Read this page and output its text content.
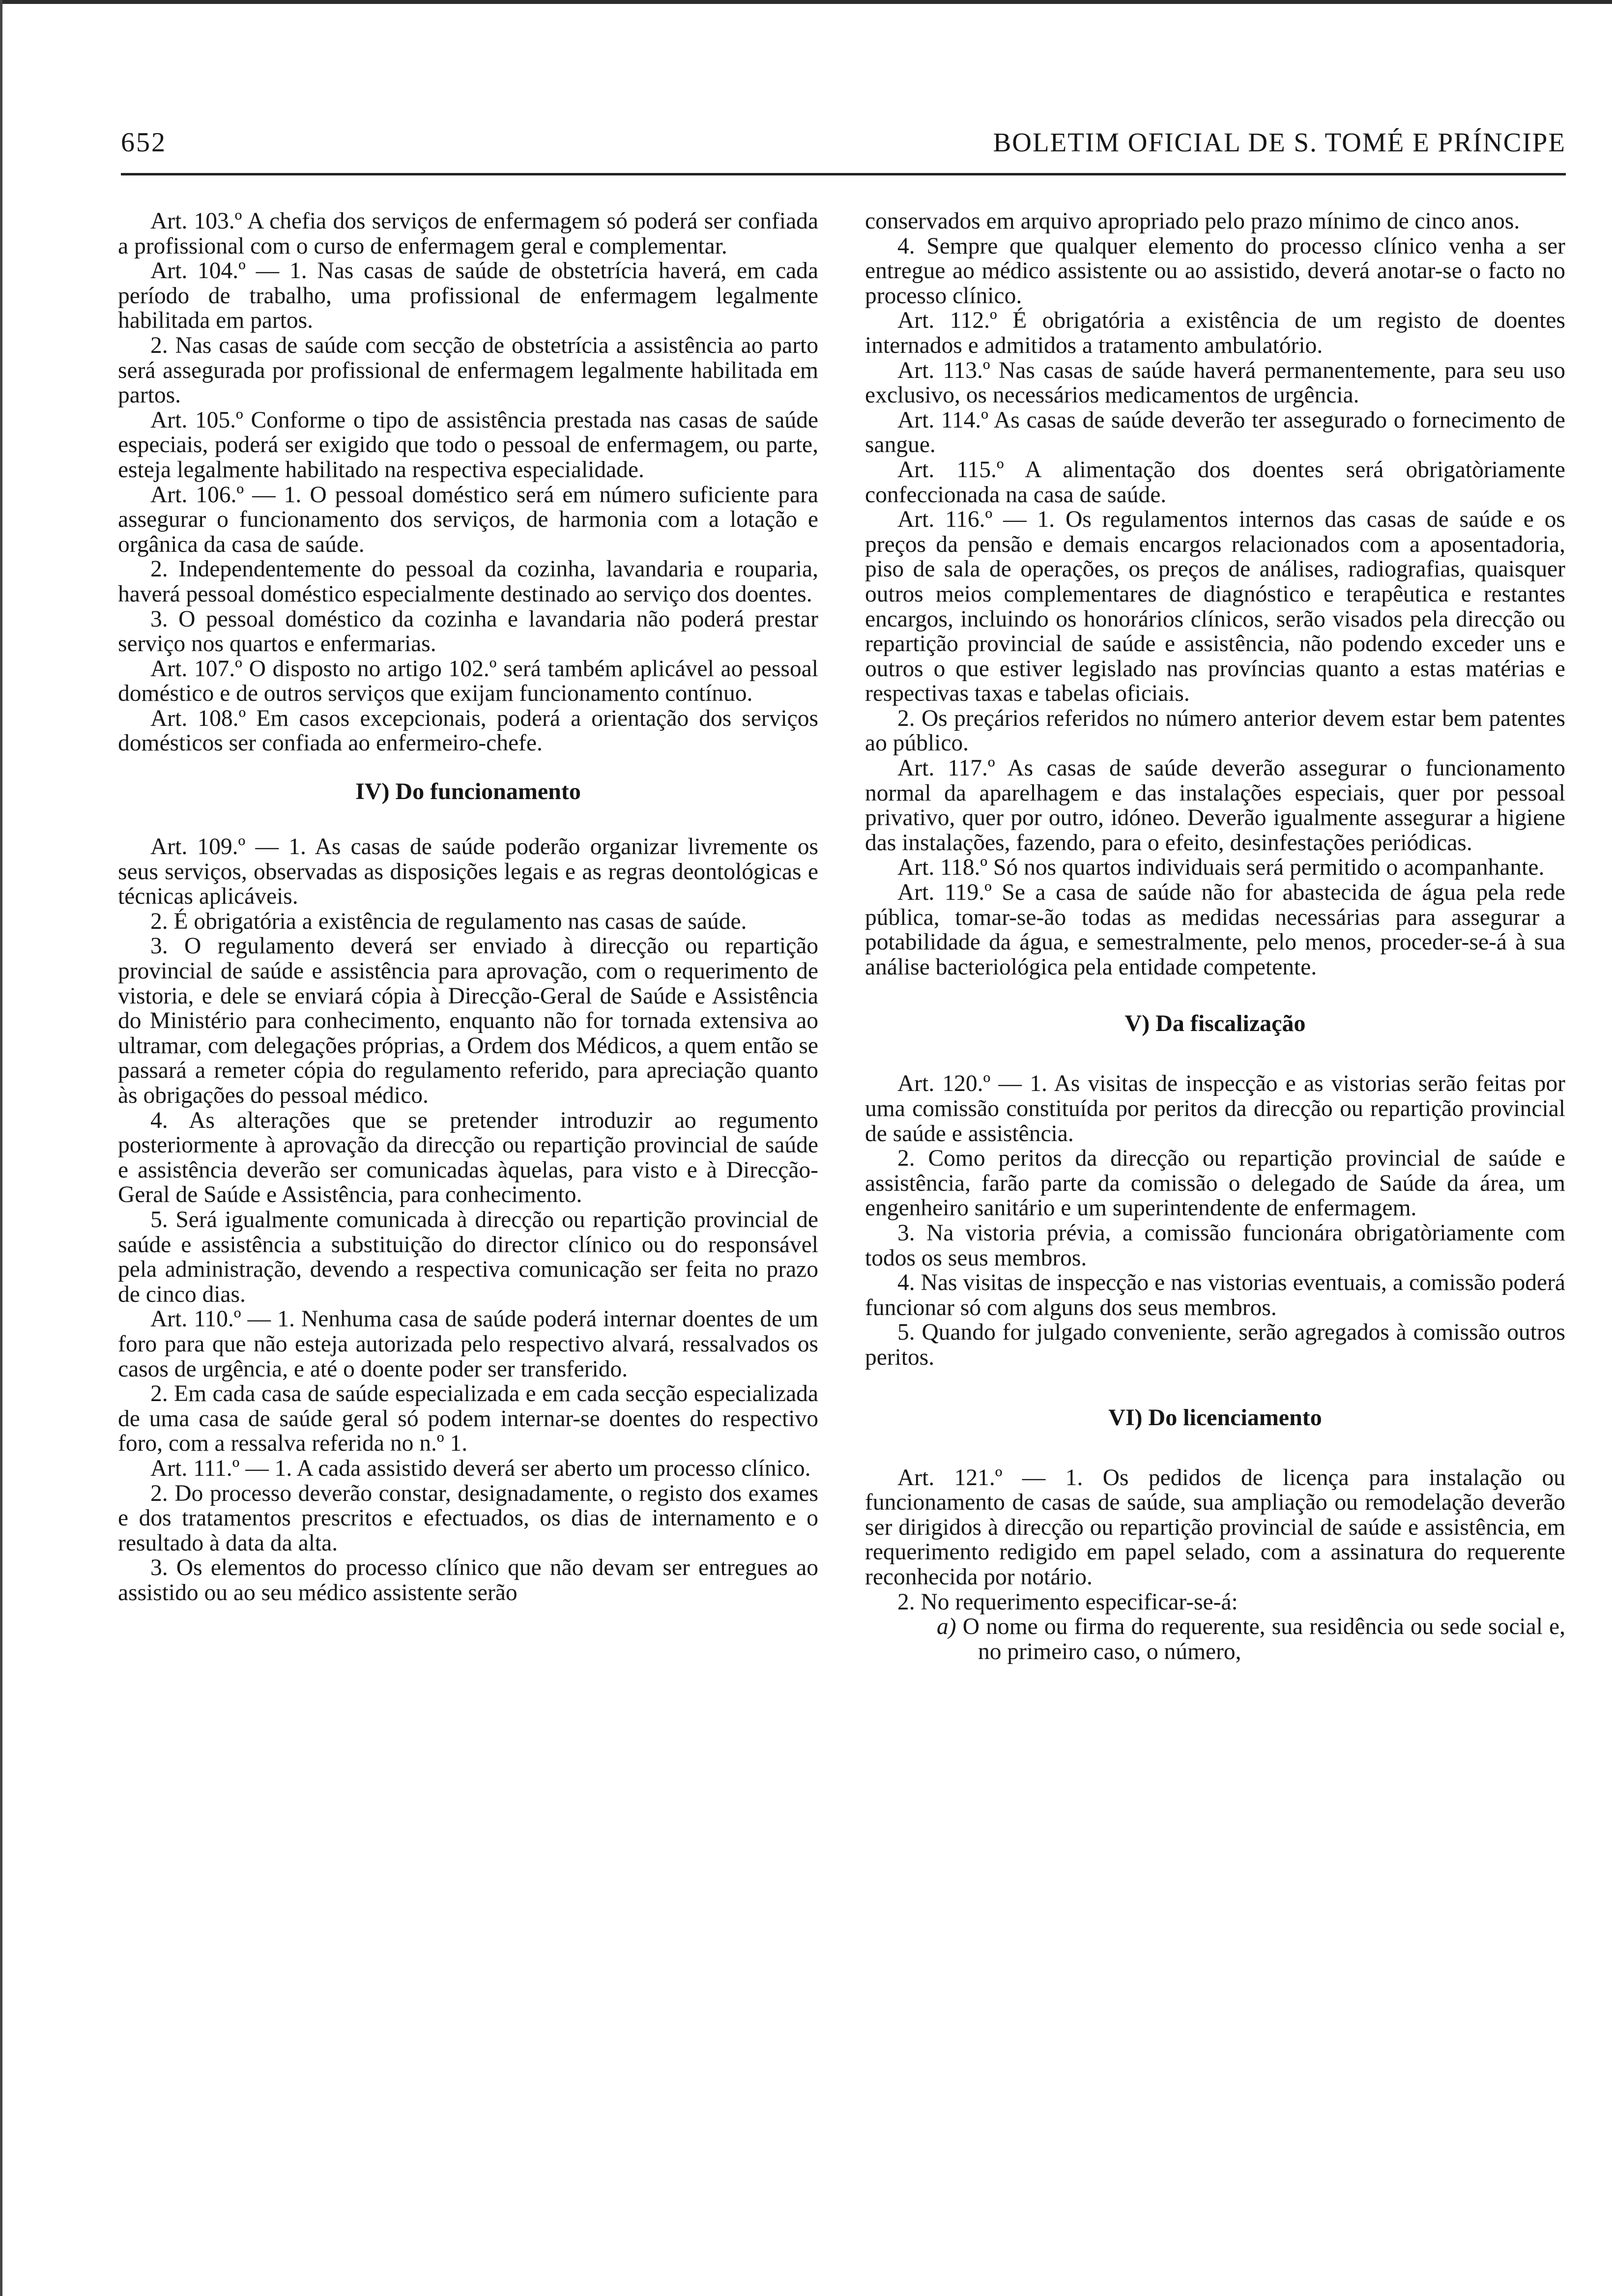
652	BOLETIM OFICIAL DE S. TOMÉ E PRÍNCIPE

Art. 103.º A chefia dos serviços de enfermagem só poderá ser confiada a profissional com o curso de enfermagem geral e complementar.

Art. 104.º — 1. Nas casas de saúde de obstetrícia haverá, em cada período de trabalho, uma profissional de enfermagem legalmente habilitada em partos.

2. Nas casas de saúde com secção de obstetrícia a assistência ao parto será assegurada por profissional de enfermagem legalmente habilitada em partos.

Art. 105.º Conforme o tipo de assistência prestada nas casas de saúde especiais, poderá ser exigido que todo o pessoal de enfermagem, ou parte, esteja legalmente habilitado na respectiva especialidade.

Art. 106.º — 1. O pessoal doméstico será em número suficiente para assegurar o funcionamento dos serviços, de harmonia com a lotação e orgânica da casa de saúde.

2. Independentemente do pessoal da cozinha, lavandaria e rouparia, haverá pessoal doméstico especialmente destinado ao serviço dos doentes.

3. O pessoal doméstico da cozinha e lavandaria não poderá prestar serviço nos quartos e enfermarias.

Art. 107.º O disposto no artigo 102.º será também aplicável ao pessoal doméstico e de outros serviços que exijam funcionamento contínuo.

Art. 108.º Em casos excepcionais, poderá a orientação dos serviços domésticos ser confiada ao enfermeiro-chefe.

IV) Do funcionamento

Art. 109.º — 1. As casas de saúde poderão organizar livremente os seus serviços, observadas as disposições legais e as regras deontológicas e técnicas aplicáveis.

2. É obrigatória a existência de regulamento nas casas de saúde.

3. O regulamento deverá ser enviado à direcção ou repartição provincial de saúde e assistência para aprovação, com o requerimento de vistoria, e dele se enviará cópia à Direcção-Geral de Saúde e Assistência do Ministério para conhecimento, enquanto não for tornada extensiva ao ultramar, com delegações próprias, a Ordem dos Médicos, a quem então se passará a remeter cópia do regulamento referido, para apreciação quanto às obrigações do pessoal médico.

4. As alterações que se pretender introduzir ao regumento posteriormente à aprovação da direcção ou repartição provincial de saúde e assistência deverão ser comunicadas àquelas, para visto e à Direcção-Geral de Saúde e Assistência, para conhecimento.

5. Será igualmente comunicada à direcção ou repartição provincial de saúde e assistência a substituição do director clínico ou do responsável pela administração, devendo a respectiva comunicação ser feita no prazo de cinco dias.

Art. 110.º — 1. Nenhuma casa de saúde poderá internar doentes de um foro para que não esteja autorizada pelo respectivo alvará, ressalvados os casos de urgência, e até o doente poder ser transferido.

2. Em cada casa de saúde especializada e em cada secção especializada de uma casa de saúde geral só podem internar-se doentes do respectivo foro, com a ressalva referida no n.º 1.

Art. 111.º — 1. A cada assistido deverá ser aberto um processo clínico.

2. Do processo deverão constar, designadamente, o registo dos exames e dos tratamentos prescritos e efectuados, os dias de internamento e o resultado à data da alta.

3. Os elementos do processo clínico que não devam ser entregues ao assistido ou ao seu médico assistente serão

conservados em arquivo apropriado pelo prazo mínimo de cinco anos.

4. Sempre que qualquer elemento do processo clínico venha a ser entregue ao médico assistente ou ao assistido, deverá anotar-se o facto no processo clínico.

Art. 112.º É obrigatória a existência de um registo de doentes internados e admitidos a tratamento ambulatório.

Art. 113.º Nas casas de saúde haverá permanentemente, para seu uso exclusivo, os necessários medicamentos de urgência.

Art. 114.º As casas de saúde deverão ter assegurado o fornecimento de sangue.

Art. 115.º A alimentação dos doentes será obrigatòriamente confeccionada na casa de saúde.

Art. 116.º — 1. Os regulamentos internos das casas de saúde e os preços da pensão e demais encargos relacionados com a aposentadoria, piso de sala de operações, os preços de análises, radiografias, quaisquer outros meios complementares de diagnóstico e terapêutica e restantes encargos, incluindo os honorários clínicos, serão visados pela direcção ou repartição provincial de saúde e assistência, não podendo exceder uns e outros o que estiver legislado nas províncias quanto a estas matérias e respectivas taxas e tabelas oficiais.

2. Os preçários referidos no número anterior devem estar bem patentes ao público.

Art. 117.º As casas de saúde deverão assegurar o funcionamento normal da aparelhagem e das instalações especiais, quer por pessoal privativo, quer por outro, idóneo. Deverão igualmente assegurar a higiene das instalações, fazendo, para o efeito, desinfestações periódicas.

Art. 118.º Só nos quartos individuais será permitido o acompanhante.

Art. 119.º Se a casa de saúde não for abastecida de água pela rede pública, tomar-se-ão todas as medidas necessárias para assegurar a potabilidade da água, e semestralmente, pelo menos, proceder-se-á à sua análise bacteriológica pela entidade competente.

V) Da fiscalização

Art. 120.º — 1. As visitas de inspecção e as vistorias serão feitas por uma comissão constituída por peritos da direcção ou repartição provincial de saúde e assistência.

2. Como peritos da direcção ou repartição provincial de saúde e assistência, farão parte da comissão o delegado de Saúde da área, um engenheiro sanitário e um superintendente de enfermagem.

3. Na vistoria prévia, a comissão funcionára obrigatòriamente com todos os seus membros.

4. Nas visitas de inspecção e nas vistorias eventuais, a comissão poderá funcionar só com alguns dos seus membros.

5. Quando for julgado conveniente, serão agregados à comissão outros peritos.

VI) Do licenciamento

Art. 121.º — 1. Os pedidos de licença para instalação ou funcionamento de casas de saúde, sua ampliação ou remodelação deverão ser dirigidos à direcção ou repartição provincial de saúde e assistência, em requerimento redigido em papel selado, com a assinatura do requerente reconhecida por notário.

2. No requerimento especificar-se-á:

a) O nome ou firma do requerente, sua residência ou sede social e, no primeiro caso, o número,
